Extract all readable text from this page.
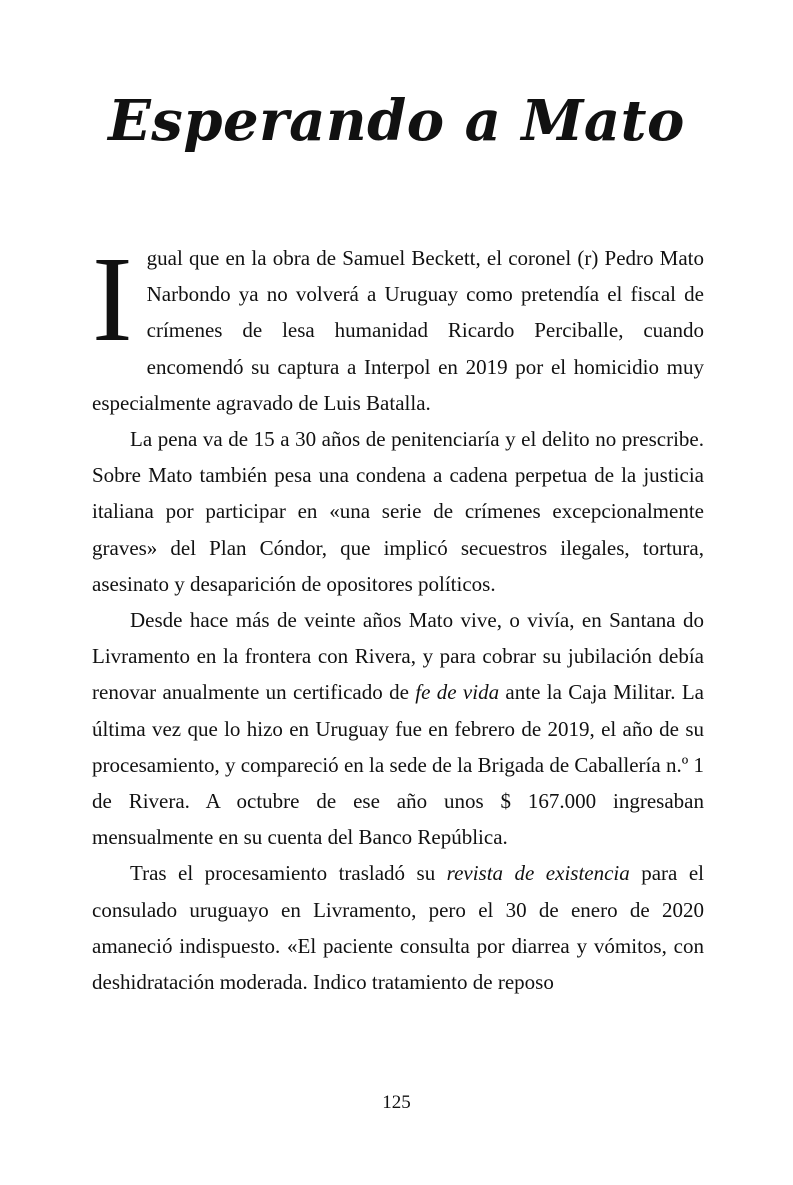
Esperando a Mato

Igual que en la obra de Samuel Beckett, el coronel (r) Pedro Mato Narbondo ya no volverá a Uruguay como pretendía el fiscal de crímenes de lesa humanidad Ricardo Perciballe, cuando encomendó su captura a Interpol en 2019 por el homicidio muy especialmente agravado de Luis Batalla.

La pena va de 15 a 30 años de penitenciaría y el delito no prescribe. Sobre Mato también pesa una condena a cadena perpetua de la justicia italiana por participar en «una serie de crímenes excepcionalmente graves» del Plan Cóndor, que implicó secuestros ilegales, tortura, asesinato y desaparición de opositores políticos.

Desde hace más de veinte años Mato vive, o vivía, en Santana do Livramento en la frontera con Rivera, y para cobrar su jubilación debía renovar anualmente un certificado de fe de vida ante la Caja Militar. La última vez que lo hizo en Uruguay fue en febrero de 2019, el año de su procesamiento, y compareció en la sede de la Brigada de Caballería n.º 1 de Rivera. A octubre de ese año unos $ 167.000 ingresaban mensualmente en su cuenta del Banco República.

Tras el procesamiento trasladó su revista de existencia para el consulado uruguayo en Livramento, pero el 30 de enero de 2020 amaneció indispuesto. «El paciente consulta por diarrea y vómitos, con deshidratación moderada. Indico tratamiento de reposo

125
